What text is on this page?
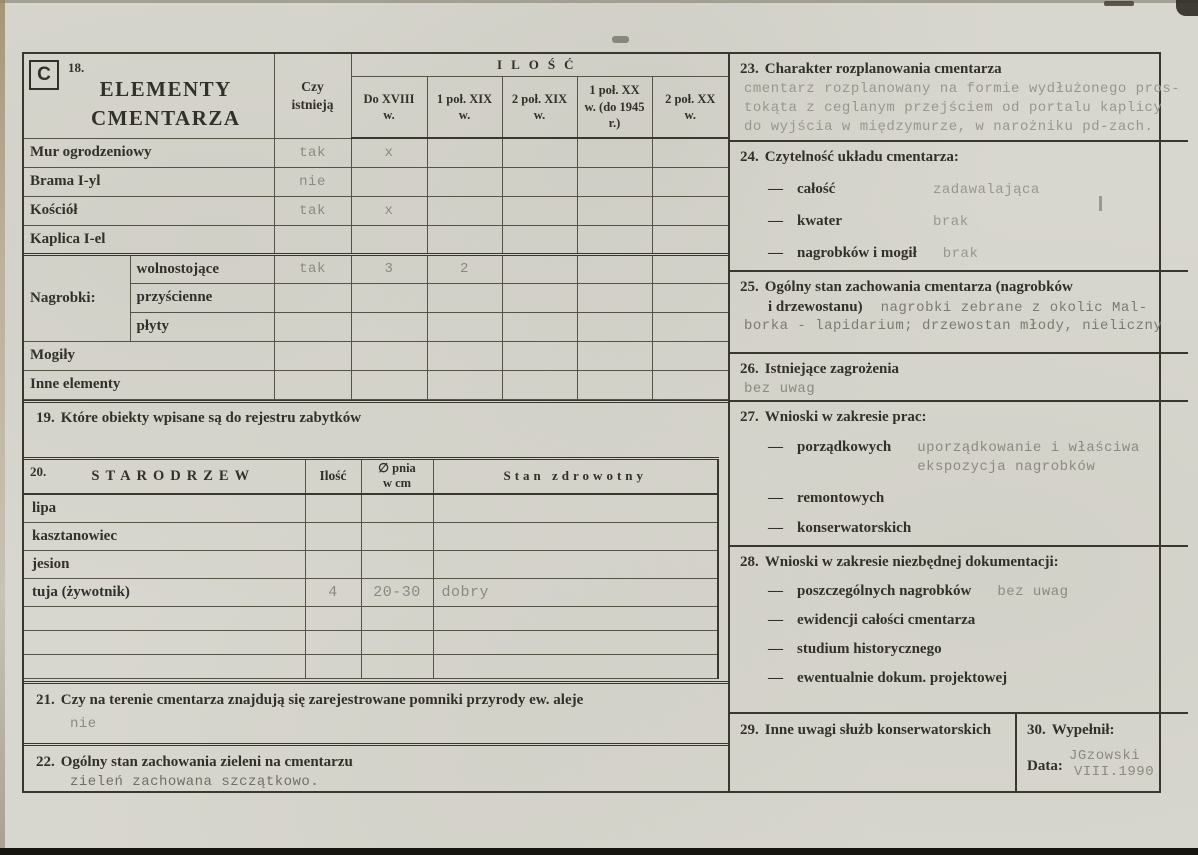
C 18.
ELEMENTY
CMENTARZA		Czy istnieją	ILOŚĆ				
			Do XVIII w.	1 poł. XIX w.	2 poł. XIX w.	1 poł. XX w. (do 1945 r.)	2 poł. XX w.
Mur ogrodzeniowy		tak	x				
Brama I-yl		nie					
Kościół		tak	x				
Kaplica I-el							
Nagrobki:	wolnostojące	tak	3	2			
	przyścienne						
	płyty						
Mogiły							
Inne elementy							
19. Które obiekty wpisane są do rejestru zabytków
20.	STARODRZEW	Ilość	∅ pnia
w cm	Stan zdrowotny
lipa			
kasztanowiec			
jesion			
tuja (żywotnik)	4	20-30	dobry

21. Czy na terenie cmentarza znajdują się zarejestrowane pomniki przyrody ew. aleje
nie
22. Ogólny stan zachowania zieleni na cmentarzu
zieleń zachowana szczątkowo.
23. Charakter rozplanowania cmentarza
cmentarz rozplanowany na formie wydłużonego pros-
tokąta z ceglanym przejściem od portalu kaplicy
do wyjścia w międzymurze, w narożniku pd-zach.
24. Czytelność układu cmentarza:
— całość	zadawalająca
— kwater	brak
— nagrobków i mogił brak
25. Ogólny stan zachowania cmentarza (nagrobków
i drzewostanu) nagrobki zebrane z okolic Mal-
borka - lapidarium; drzewostan młody, nieliczny
26. Istniejące zagrożenia
bez uwag
27. Wnioski w zakresie prac:
— porządkowych uporządkowanie i właściwa
ekspozycja nagrobków
— remontowych
— konserwatorskich
28. Wnioski w zakresie niezbędnej dokumentacji:
— poszczególnych nagrobków bez uwag
— ewidencji całości cmentarza
— studium historycznego
— ewentualnie dokum. projektowej
29. Inne uwagi służb konserwatorskich	30. Wypełnił:
Data:
JGzowski
VIII.1990
